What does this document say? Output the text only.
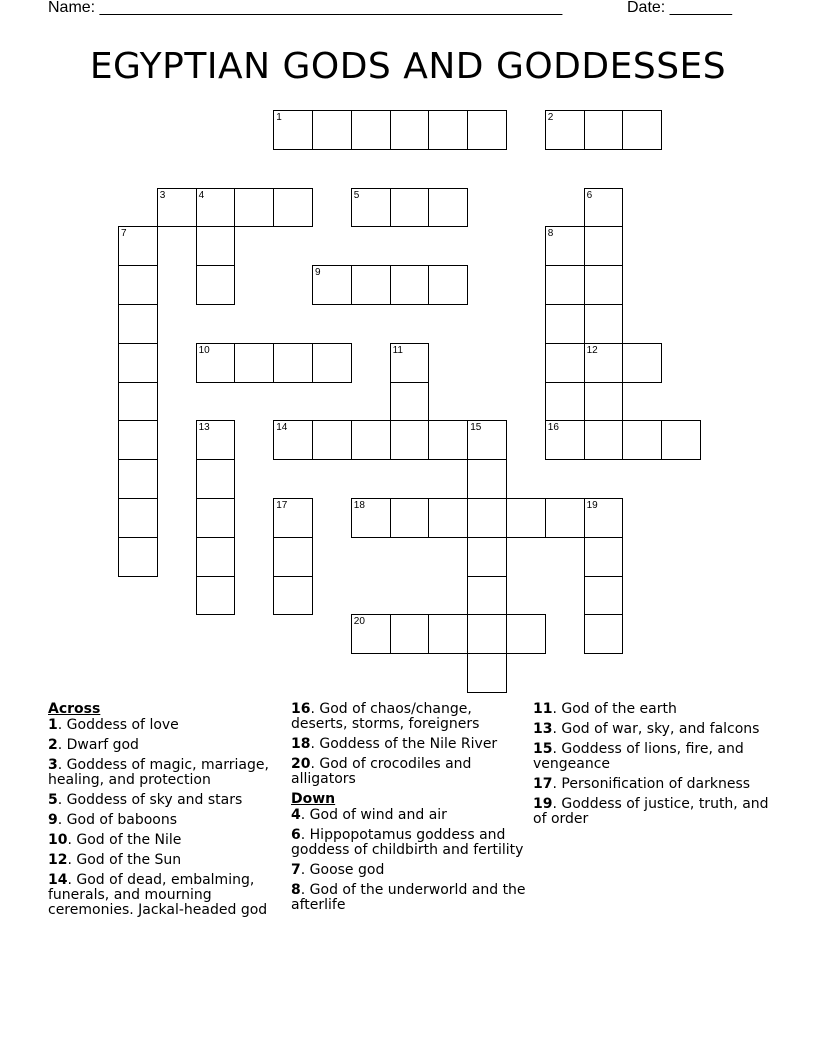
Name: ____________________________________________________	Date: _______
EGYPTIAN GODS AND GODDESSES
1	2
3	4	5
9
10	12
14	15	16
18
20
6
7	8
11
13
17	19
Across
1. Goddess of love
2. Dwarf god
3. Goddess of magic, marriage, healing, and protection
5. Goddess of sky and stars
9. God of baboons
10. God of the Nile
12. God of the Sun
14. God of dead, embalming, funerals, and mourning ceremonies. Jackal-headed god
16. God of chaos/change, deserts, storms, foreigners
18. Goddess of the Nile River
20. God of crocodiles and alligators
Down
4. God of wind and air
6. Hippopotamus goddess and goddess of childbirth and fertility
7. Goose god
8. God of the underworld and the afterlife
11. God of the earth
13. God of war, sky, and falcons
15. Goddess of lions, fire, and vengeance
17. Personification of darkness
19. Goddess of justice, truth, and of order
